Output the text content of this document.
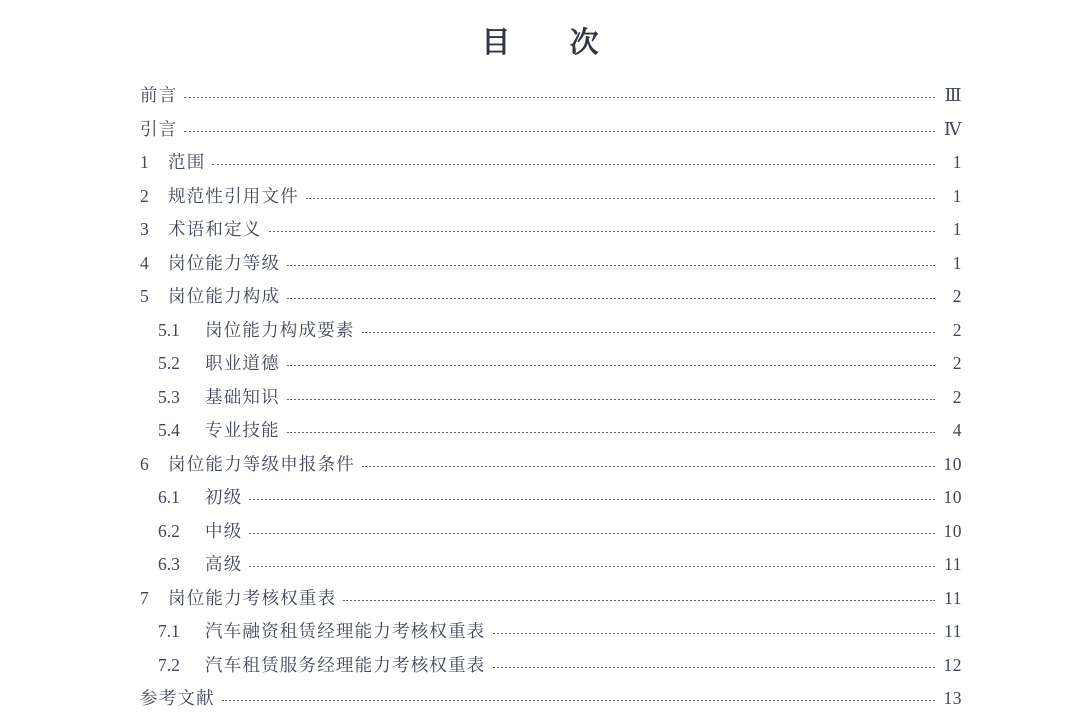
目 次
前言	Ⅲ
引言	Ⅳ
1	范围	1
2	规范性引用文件	1
3	术语和定义	1
4	岗位能力等级	1
5	岗位能力构成	2
5.1	岗位能力构成要素	2
5.2	职业道德	2
5.3	基础知识	2
5.4	专业技能	4
6	岗位能力等级申报条件	10
6.1	初级	10
6.2	中级	10
6.3	高级	11
7	岗位能力考核权重表	11
7.1	汽车融资租赁经理能力考核权重表	11
7.2	汽车租赁服务经理能力考核权重表	12
参考文献	13
